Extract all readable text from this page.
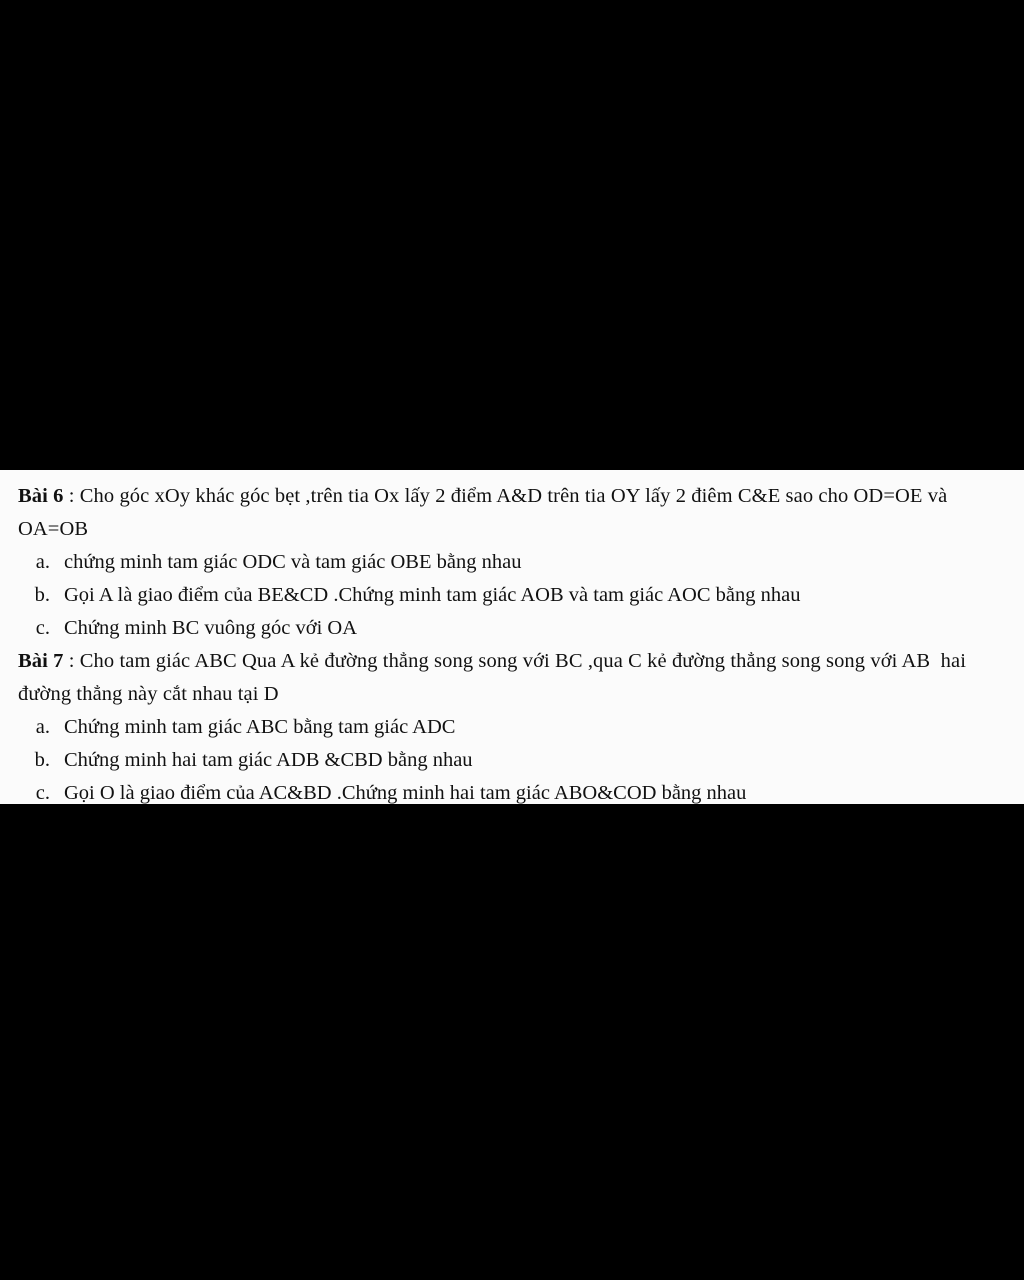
Bài 6 : Cho góc xOy khác góc bẹt ,trên tia Ox lấy 2 điểm A&D trên tia OY lấy 2 điêm C&E sao cho OD=OE và OA=OB

a. chứng minh tam giác ODC và tam giác OBE bằng nhau
b. Gọi A là giao điểm của BE&CD .Chứng minh tam giác AOB và tam giác AOC bằng nhau
c. Chứng minh BC vuông góc với OA

Bài 7 : Cho tam giác ABC Qua A kẻ đường thẳng song song với BC ,qua C kẻ đường thẳng song song với AB  hai đường thẳng này cắt nhau tại D

a. Chứng minh tam giác ABC bằng tam giác ADC
b. Chứng minh hai tam giác ADB &CBD bằng nhau
c. Gọi O là giao điểm của AC&BD .Chứng minh hai tam giác ABO&COD bằng nhau
